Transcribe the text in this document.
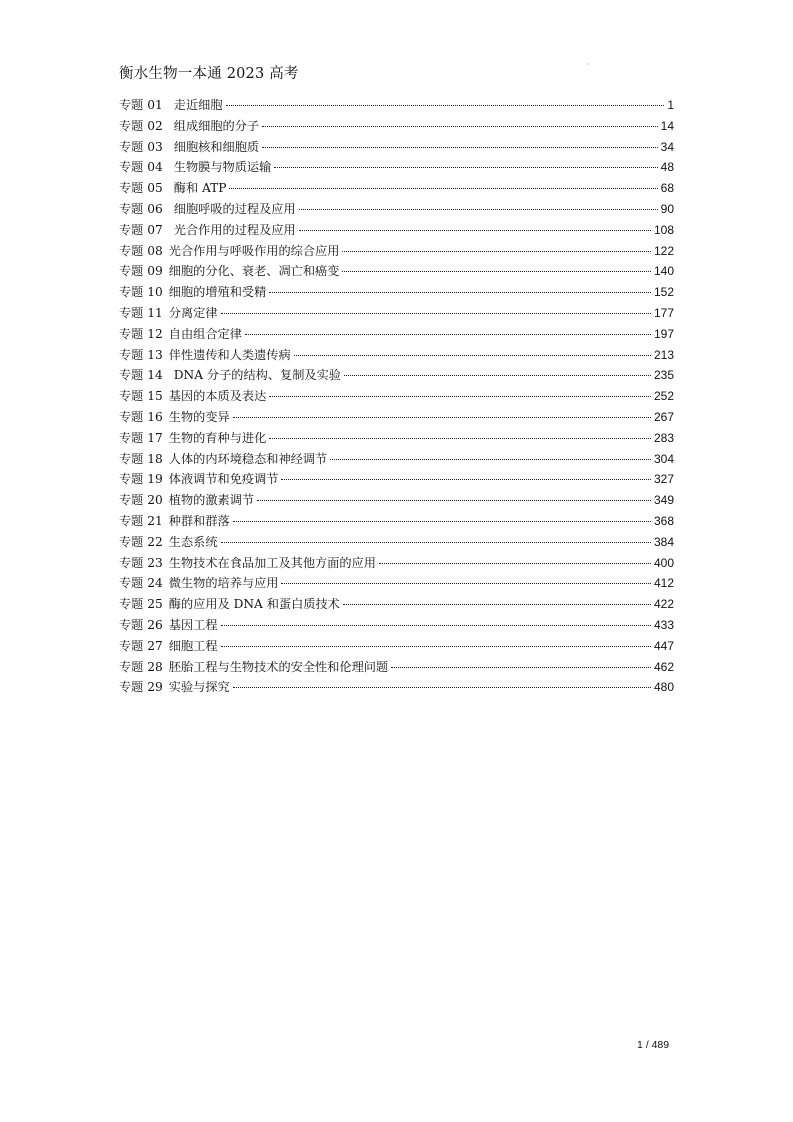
衡水生物一本通 2023 高考
·
专题 01 走近细胞	1
专题 02 组成细胞的分子	14
专题 03 细胞核和细胞质	34
专题 04 生物膜与物质运输	48
专题 05 酶和 ATP	68
专题 06 细胞呼吸的过程及应用	90
专题 07 光合作用的过程及应用	108
专题 08 光合作用与呼吸作用的综合应用	122
专题 09 细胞的分化、衰老、凋亡和癌变	140
专题 10 细胞的增殖和受精	152
专题 11 分离定律	177
专题 12 自由组合定律	197
专题 13 伴性遗传和人类遗传病	213
专题 14 DNA 分子的结构、复制及实验	235
专题 15 基因的本质及表达	252
专题 16 生物的变异	267
专题 17 生物的育种与进化	283
专题 18 人体的内环境稳态和神经调节	304
专题 19 体液调节和免疫调节	327
专题 20 植物的激素调节	349
专题 21 种群和群落	368
专题 22 生态系统	384
专题 23 生物技术在食品加工及其他方面的应用	400
专题 24 微生物的培养与应用	412
专题 25 酶的应用及 DNA 和蛋白质技术	422
专题 26 基因工程	433
专题 27 细胞工程	447
专题 28 胚胎工程与生物技术的安全性和伦理问题	462
专题 29 实验与探究	480
1 / 489
